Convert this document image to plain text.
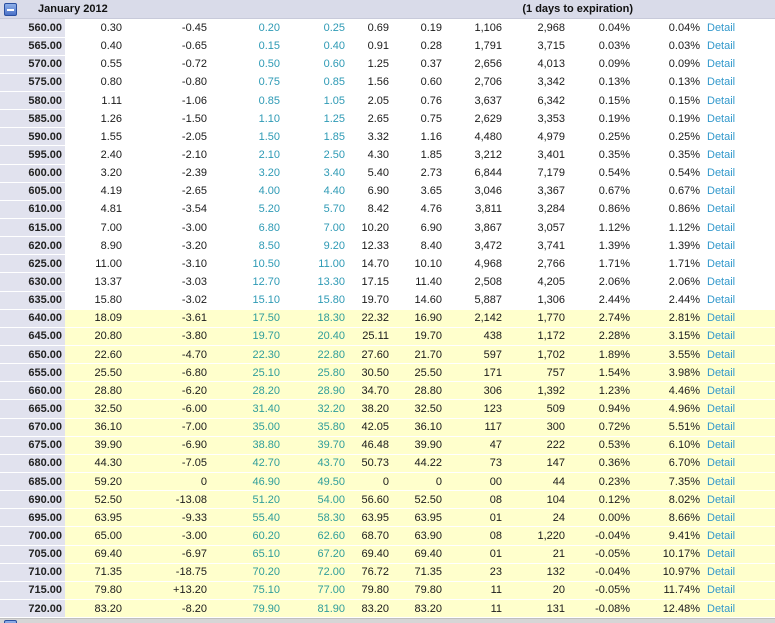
January 2012	(1 days to expiration)
560.00	0.30	-0.45	0.20	0.25	0.69	0.19	1,106	2,968	0.04%	0.04%	Detail
565.00	0.40	-0.65	0.15	0.40	0.91	0.28	1,791	3,715	0.03%	0.03%	Detail
570.00	0.55	-0.72	0.50	0.60	1.25	0.37	2,656	4,013	0.09%	0.09%	Detail
575.00	0.80	-0.80	0.75	0.85	1.56	0.60	2,706	3,342	0.13%	0.13%	Detail
580.00	1.11	-1.06	0.85	1.05	2.05	0.76	3,637	6,342	0.15%	0.15%	Detail
585.00	1.26	-1.50	1.10	1.25	2.65	0.75	2,629	3,353	0.19%	0.19%	Detail
590.00	1.55	-2.05	1.50	1.85	3.32	1.16	4,480	4,979	0.25%	0.25%	Detail
595.00	2.40	-2.10	2.10	2.50	4.30	1.85	3,212	3,401	0.35%	0.35%	Detail
600.00	3.20	-2.39	3.20	3.40	5.40	2.73	6,844	7,179	0.54%	0.54%	Detail
605.00	4.19	-2.65	4.00	4.40	6.90	3.65	3,046	3,367	0.67%	0.67%	Detail
610.00	4.81	-3.54	5.20	5.70	8.42	4.76	3,811	3,284	0.86%	0.86%	Detail
615.00	7.00	-3.00	6.80	7.00	10.20	6.90	3,867	3,057	1.12%	1.12%	Detail
620.00	8.90	-3.20	8.50	9.20	12.33	8.40	3,472	3,741	1.39%	1.39%	Detail
625.00	11.00	-3.10	10.50	11.00	14.70	10.10	4,968	2,766	1.71%	1.71%	Detail
630.00	13.37	-3.03	12.70	13.30	17.15	11.40	2,508	4,205	2.06%	2.06%	Detail
635.00	15.80	-3.02	15.10	15.80	19.70	14.60	5,887	1,306	2.44%	2.44%	Detail
640.00	18.09	-3.61	17.50	18.30	22.32	16.90	2,142	1,770	2.74%	2.81%	Detail
645.00	20.80	-3.80	19.70	20.40	25.11	19.70	438	1,172	2.28%	3.15%	Detail
650.00	22.60	-4.70	22.30	22.80	27.60	21.70	597	1,702	1.89%	3.55%	Detail
655.00	25.50	-6.80	25.10	25.80	30.50	25.50	171	757	1.54%	3.98%	Detail
660.00	28.80	-6.20	28.20	28.90	34.70	28.80	306	1,392	1.23%	4.46%	Detail
665.00	32.50	-6.00	31.40	32.20	38.20	32.50	123	509	0.94%	4.96%	Detail
670.00	36.10	-7.00	35.00	35.80	42.05	36.10	117	300	0.72%	5.51%	Detail
675.00	39.90	-6.90	38.80	39.70	46.48	39.90	47	222	0.53%	6.10%	Detail
680.00	44.30	-7.05	42.70	43.70	50.73	44.22	73	147	0.36%	6.70%	Detail
685.00	59.20	0	46.90	49.50	0	0	00	44	0.23%	7.35%	Detail
690.00	52.50	-13.08	51.20	54.00	56.60	52.50	08	104	0.12%	8.02%	Detail
695.00	63.95	-9.33	55.40	58.30	63.95	63.95	01	24	0.00%	8.66%	Detail
700.00	65.00	-3.00	60.20	62.60	68.70	63.90	08	1,220	-0.04%	9.41%	Detail
705.00	69.40	-6.97	65.10	67.20	69.40	69.40	01	21	-0.05%	10.17%	Detail
710.00	71.35	-18.75	70.20	72.00	76.72	71.35	23	132	-0.04%	10.97%	Detail
715.00	79.80	+13.20	75.10	77.00	79.80	79.80	11	20	-0.05%	11.74%	Detail
720.00	83.20	-8.20	79.90	81.90	83.20	83.20	11	131	-0.08%	12.48%	Detail
